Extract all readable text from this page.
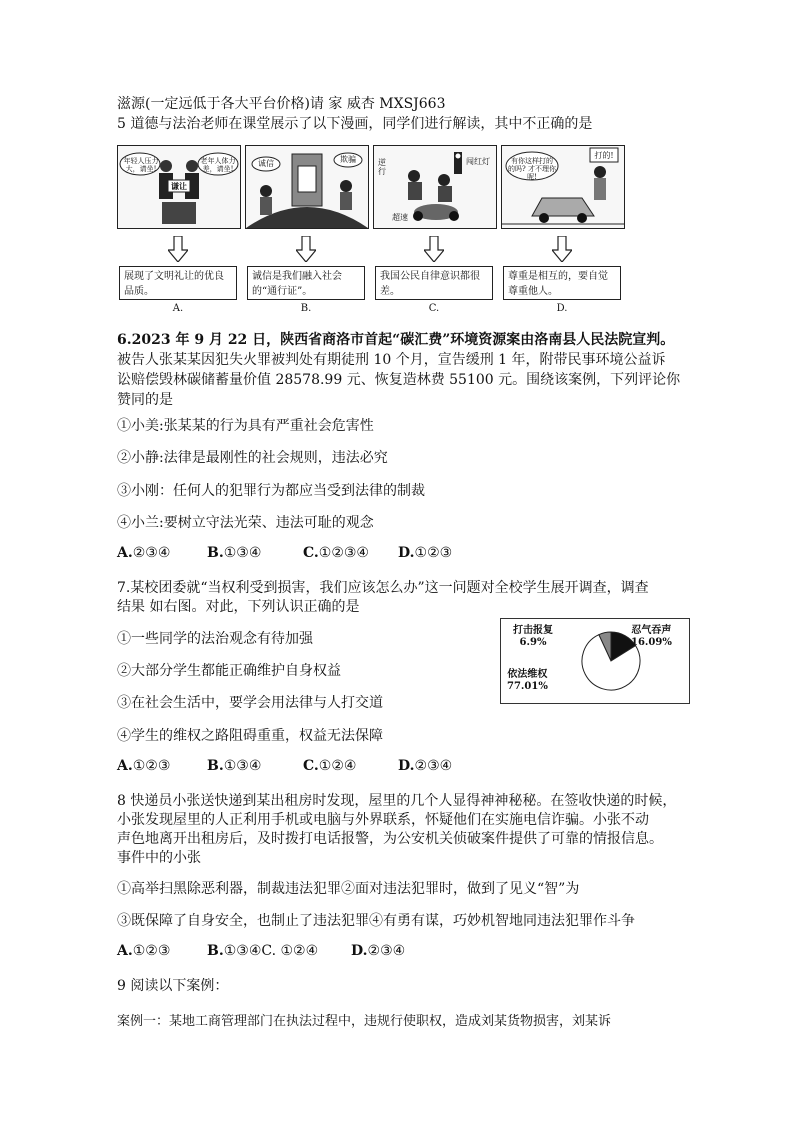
滋源(一定远低于各大平台价格)请 家 威杏 MXSJ663
5 道德与法治老师在课堂展示了以下漫画，同学们进行解读，其中不正确的是
年轻人压力大，请坐!
老年人体力差，请坐!
谦让
诚信	欺骗	逆行
闯红灯
超速
有你这样打的的吗? 才不理你呢!
打的!
展现了文明礼让的优良品质。
诚信是我们融入社会的“通行证”。
我国公民自律意识都很差。
尊重是相互的，要自觉尊重他人。
A.	B.	C.	D.
6.2023 年 9 月 22 日，陕西省商洛市首起“碳汇费”环境资源案由洛南县人民法院宣判。
被告人张某某因犯失火罪被判处有期徒刑 10 个月，宣告缓刑 1 年，附带民事环境公益诉
讼赔偿毁林碳储蓄量价值 28578.99 元、恢复造林费 55100 元。围绕该案例，下列评论你
赞同的是
①小美:张某某的行为具有严重社会危害性
②小静:法律是最刚性的社会规则，违法必究
③小刚：任何人的犯罪行为都应当受到法律的制裁
④小兰:要树立守法光荣、违法可耻的观念
A.②③④	B.①③④	C.①②③④ D.①②③
7.某校团委就“当权利受到损害，我们应该怎么办”这一问题对全校学生展开调查，调查
结果 如右图。对此，下列认识正确的是
①一些同学的法治观念有待加强
②大部分学生都能正确维护自身权益
③在社会生活中，要学会用法律与人打交道
④学生的维权之路阻碍重重，权益无法保障
A.①②③	B.①③④	C.①②④	D.②③④
打击报复
6.9%
忍气吞声
16.09%
依法维权
77.01%
8 快递员小张送快递到某出租房时发现，屋里的几个人显得神神秘秘。在签收快递的时候，
小张发现屋里的人正利用手机或电脑与外界联系，怀疑他们在实施电信诈骗。小张不动
声色地离开出租房后，及时拨打电话报警，为公安机关侦破案件提供了可靠的情报信息。
事件中的小张
①高举扫黑除恶利器，制裁违法犯罪②面对违法犯罪时，做到了见义“智”为
③既保障了自身安全，也制止了违法犯罪④有勇有谋，巧妙机智地同违法犯罪作斗争
A.①②③	B.①③④C. ①②④ D.②③④
9 阅读以下案例：
案例一：某地工商管理部门在执法过程中，违规行使职权，造成刘某货物损害，刘某诉
